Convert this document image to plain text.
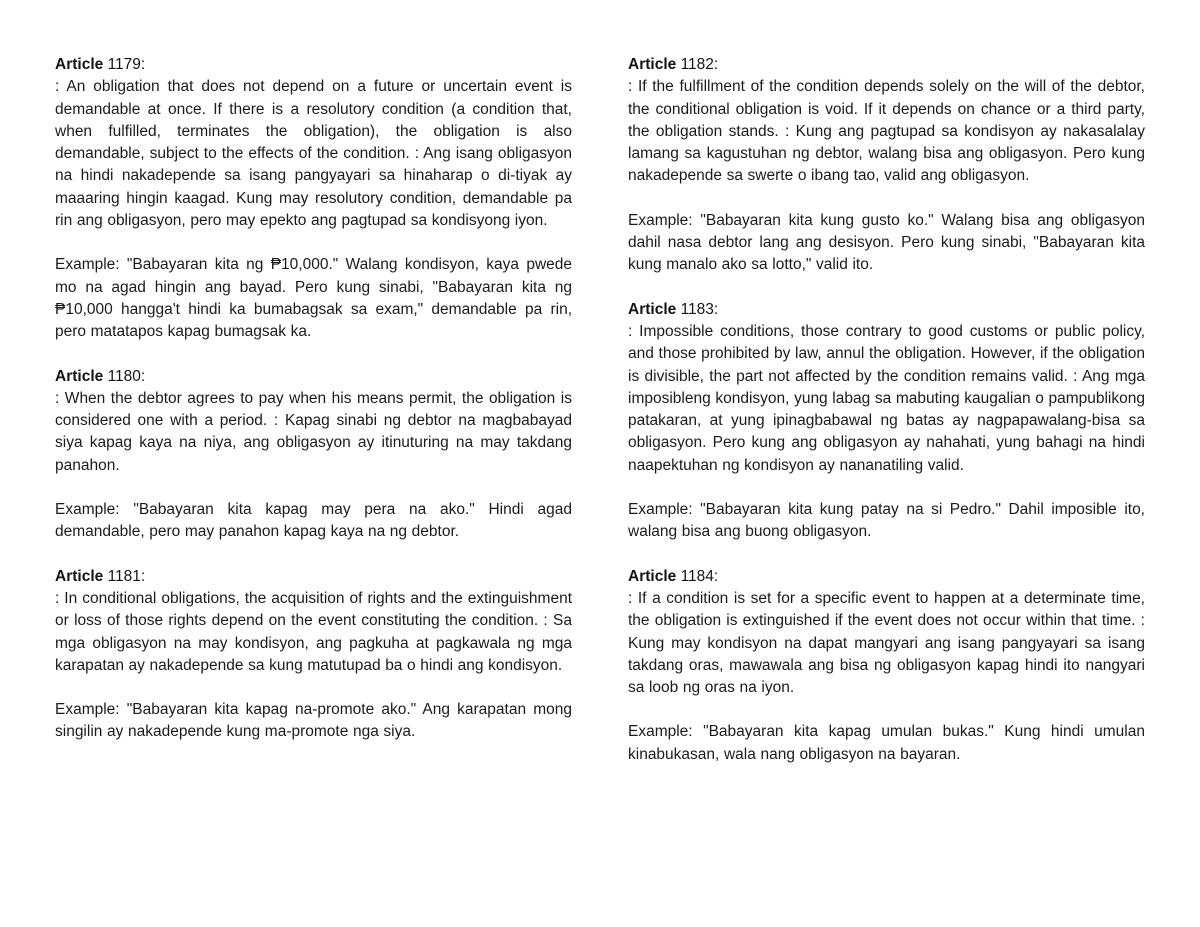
Article 1179:

: An obligation that does not depend on a future or uncertain event is demandable at once. If there is a resolutory condition (a condition that, when fulfilled, terminates the obligation), the obligation is also demandable, subject to the effects of the condition. : Ang isang obligasyon na hindi nakadepende sa isang pangyayari sa hinaharap o di-tiyak ay maaaring hingin kaagad. Kung may resolutory condition, demandable pa rin ang obligasyon, pero may epekto ang pagtupad sa kondisyong iyon.

Example: "Babayaran kita ng ₱10,000." Walang kondisyon, kaya pwede mo na agad hingin ang bayad. Pero kung sinabi, "Babayaran kita ng ₱10,000 hangga't hindi ka bumabagsak sa exam," demandable pa rin, pero matatapos kapag bumagsak ka.

Article 1180:

: When the debtor agrees to pay when his means permit, the obligation is considered one with a period. : Kapag sinabi ng debtor na magbabayad siya kapag kaya na niya, ang obligasyon ay itinuturing na may takdang panahon.

Example: "Babayaran kita kapag may pera na ako." Hindi agad demandable, pero may panahon kapag kaya na ng debtor.

Article 1181:

: In conditional obligations, the acquisition of rights and the extinguishment or loss of those rights depend on the event constituting the condition. : Sa mga obligasyon na may kondisyon, ang pagkuha at pagkawala ng mga karapatan ay nakadepende sa kung matutupad ba o hindi ang kondisyon.

Example: "Babayaran kita kapag na-promote ako." Ang karapatan mong singilin ay nakadepende kung ma-promote nga siya.

Article 1182:

: If the fulfillment of the condition depends solely on the will of the debtor, the conditional obligation is void. If it depends on chance or a third party, the obligation stands. : Kung ang pagtupad sa kondisyon ay nakasalalay lamang sa kagustuhan ng debtor, walang bisa ang obligasyon. Pero kung nakadepende sa swerte o ibang tao, valid ang obligasyon.

Example: "Babayaran kita kung gusto ko." Walang bisa ang obligasyon dahil nasa debtor lang ang desisyon. Pero kung sinabi, "Babayaran kita kung manalo ako sa lotto," valid ito.

Article 1183:

: Impossible conditions, those contrary to good customs or public policy, and those prohibited by law, annul the obligation. However, if the obligation is divisible, the part not affected by the condition remains valid. : Ang mga imposibleng kondisyon, yung labag sa mabuting kaugalian o pampublikong patakaran, at yung ipinagbabawal ng batas ay nagpapawalang-bisa sa obligasyon. Pero kung ang obligasyon ay nahahati, yung bahagi na hindi naapektuhan ng kondisyon ay nananatiling valid.

Example: "Babayaran kita kung patay na si Pedro." Dahil imposible ito, walang bisa ang buong obligasyon.

Article 1184:

: If a condition is set for a specific event to happen at a determinate time, the obligation is extinguished if the event does not occur within that time. : Kung may kondisyon na dapat mangyari ang isang pangyayari sa isang takdang oras, mawawala ang bisa ng obligasyon kapag hindi ito nangyari sa loob ng oras na iyon.

Example: "Babayaran kita kapag umulan bukas." Kung hindi umulan kinabukasan, wala nang obligasyon na bayaran.
